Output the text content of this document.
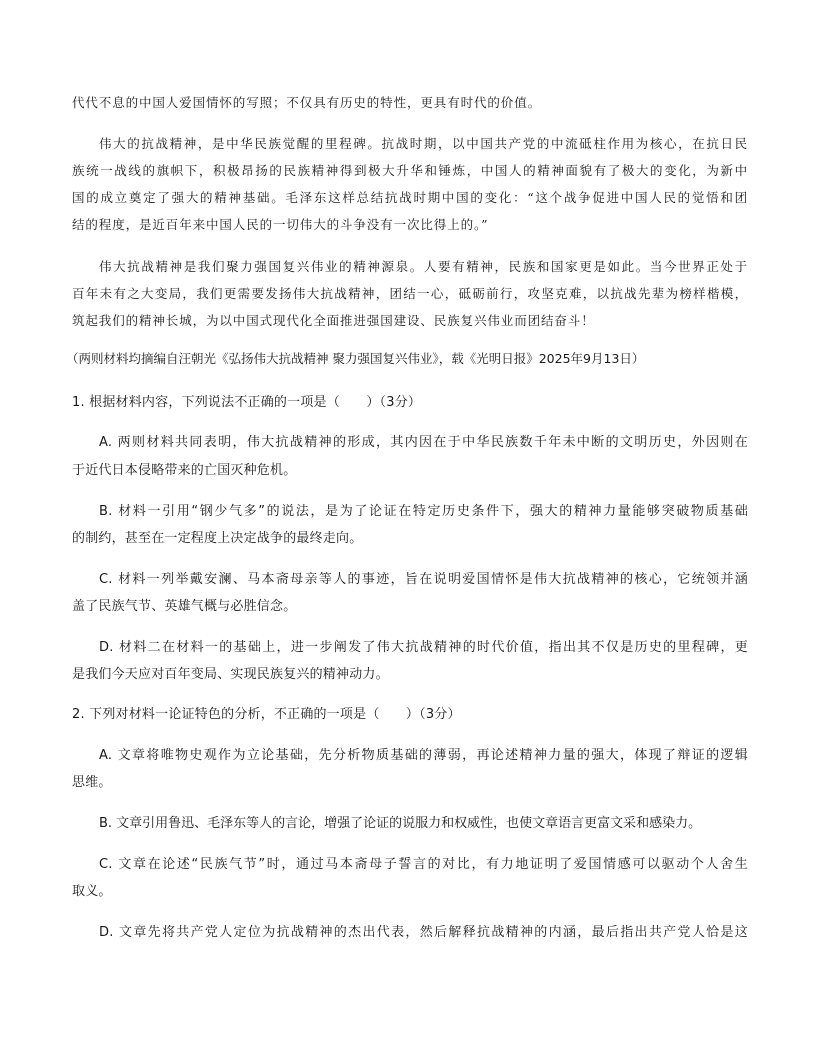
代代不息的中国人爱国情怀的写照；不仅具有历史的特性，更具有时代的价值。
伟大的抗战精神，是中华民族觉醒的里程碑。抗战时期，以中国共产党的中流砥柱作用为核心，在抗日民
族统一战线的旗帜下，积极昂扬的民族精神得到极大升华和锤炼，中国人的精神面貌有了极大的变化，为新中
国的成立奠定了强大的精神基础。毛泽东这样总结抗战时期中国的变化：“这个战争促进中国人民的觉悟和团
结的程度，是近百年来中国人民的一切伟大的斗争没有一次比得上的。”
伟大抗战精神是我们聚力强国复兴伟业的精神源泉。人要有精神，民族和国家更是如此。当今世界正处于
百年未有之大变局，我们更需要发扬伟大抗战精神，团结一心，砥砺前行，攻坚克难，以抗战先辈为榜样楷模，
筑起我们的精神长城，为以中国式现代化全面推进强国建设、民族复兴伟业而团结奋斗！
（两则材料均摘编自汪朝光《弘扬伟大抗战精神 聚力强国复兴伟业》，载《光明日报》2025年9月13日）
1. 根据材料内容，下列说法不正确的一项是（　　）（3分）
A. 两则材料共同表明，伟大抗战精神的形成，其内因在于中华民族数千年未中断的文明历史，外因则在
于近代日本侵略带来的亡国灭种危机。
B. 材料一引用“钢少气多”的说法，是为了论证在特定历史条件下，强大的精神力量能够突破物质基础
的制约，甚至在一定程度上决定战争的最终走向。
C. 材料一列举戴安澜、马本斋母亲等人的事迹，旨在说明爱国情怀是伟大抗战精神的核心，它统领并涵
盖了民族气节、英雄气概与必胜信念。
D. 材料二在材料一的基础上，进一步阐发了伟大抗战精神的时代价值，指出其不仅是历史的里程碑，更
是我们今天应对百年变局、实现民族复兴的精神动力。
2. 下列对材料一论证特色的分析，不正确的一项是（　　）（3分）
A. 文章将唯物史观作为立论基础，先分析物质基础的薄弱，再论述精神力量的强大，体现了辩证的逻辑
思维。
B. 文章引用鲁迅、毛泽东等人的言论，增强了论证的说服力和权威性，也使文章语言更富文采和感染力。
C. 文章在论述“民族气节”时，通过马本斋母子誓言的对比，有力地证明了爱国情感可以驱动个人舍生
取义。
D. 文章先将共产党人定位为抗战精神的杰出代表，然后解释抗战精神的内涵，最后指出共产党人恰是这
